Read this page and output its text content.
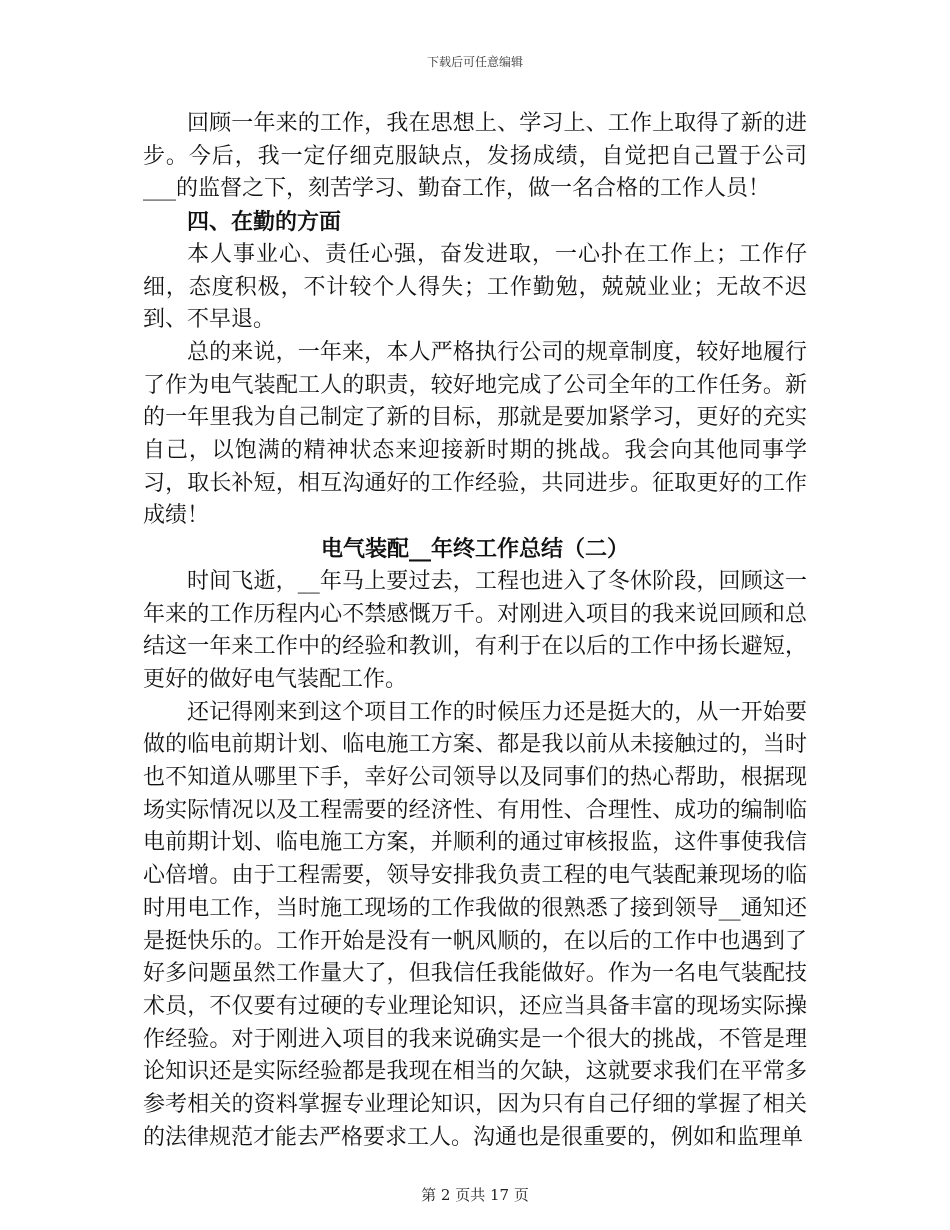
下载后可任意编辑

回顾一年来的工作，我在思想上、学习上、工作上取得了新的进步。今后，我一定仔细克服缺点，发扬成绩，自觉把自己置于公司___的监督之下，刻苦学习、勤奋工作，做一名合格的工作人员！

四、在勤的方面

本人事业心、责任心强，奋发进取，一心扑在工作上；工作仔细，态度积极，不计较个人得失；工作勤勉，兢兢业业；无故不迟到、不早退。

总的来说，一年来，本人严格执行公司的规章制度，较好地履行了作为电气装配工人的职责，较好地完成了公司全年的工作任务。新的一年里我为自己制定了新的目标，那就是要加紧学习，更好的充实自己，以饱满的精神状态来迎接新时期的挑战。我会向其他同事学习，取长补短，相互沟通好的工作经验，共同进步。征取更好的工作成绩！

电气装配__年终工作总结（二）

时间飞逝，__年马上要过去，工程也进入了冬休阶段，回顾这一年来的工作历程内心不禁感慨万千。对刚进入项目的我来说回顾和总结这一年来工作中的经验和教训，有利于在以后的工作中扬长避短，更好的做好电气装配工作。

还记得刚来到这个项目工作的时候压力还是挺大的，从一开始要做的临电前期计划、临电施工方案、都是我以前从未接触过的，当时也不知道从哪里下手，幸好公司领导以及同事们的热心帮助，根据现场实际情况以及工程需要的经济性、有用性、合理性、成功的编制临电前期计划、临电施工方案，并顺利的通过审核报监，这件事使我信心倍增。由于工程需要，领导安排我负责工程的电气装配兼现场的临时用电工作，当时施工现场的工作我做的很熟悉了接到领导__通知还是挺快乐的。工作开始是没有一帆风顺的，在以后的工作中也遇到了好多问题虽然工作量大了，但我信任我能做好。作为一名电气装配技术员，不仅要有过硬的专业理论知识，还应当具备丰富的现场实际操作经验。对于刚进入项目的我来说确实是一个很大的挑战，不管是理论知识还是实际经验都是我现在相当的欠缺，这就要求我们在平常多参考相关的资料掌握专业理论知识，因为只有自己仔细的掌握了相关的法律规范才能去严格要求工人。沟通也是很重要的，例如和监理单

第 2 页共 17 页
